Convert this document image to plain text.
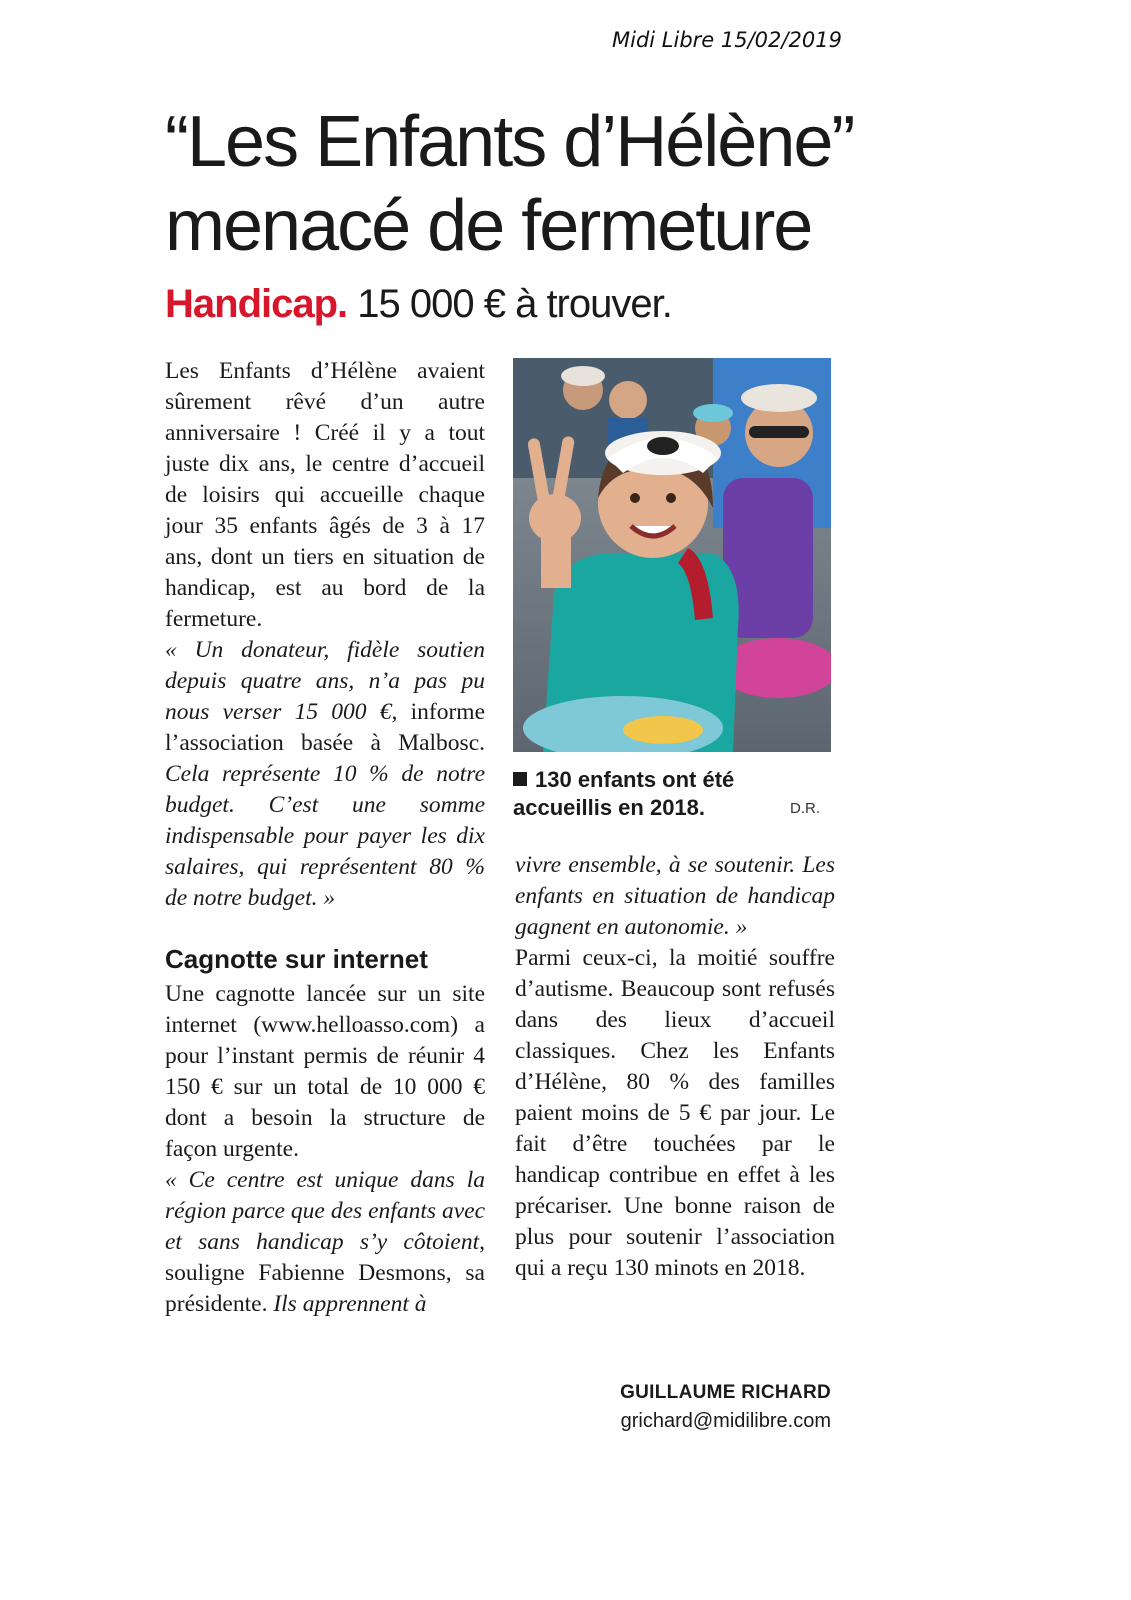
Midi Libre 15/02/2019
“Les Enfants d’Hélène”
menacé de fermeture
Handicap. 15 000 € à trouver.

Les Enfants d’Hélène avaient sûrement rêvé d’un autre anniversaire ! Créé il y a tout juste dix ans, le centre d’accueil de loisirs qui accueille chaque jour 35 enfants âgés de 3 à 17 ans, dont un tiers en situation de handicap, est au bord de la fermeture.

« Un donateur, fidèle soutien depuis quatre ans, n’a pas pu nous verser 15 000 €, informe l’association basée à Malbosc. Cela représente 10 % de notre budget. C’est une somme indispensable pour payer les dix salaires, qui représentent 80 % de notre budget. »

Cagnotte sur internet

Une cagnotte lancée sur un site internet (www.helloasso.com) a pour l’instant permis de réunir 4 150 € sur un total de 10 000 € dont a besoin la structure de façon urgente.

« Ce centre est unique dans la région parce que des enfants avec et sans handicap s’y côtoient, souligne Fabienne Desmons, sa présidente. Ils apprennent à

130 enfants ont été accueillis en 2018.	D.R.

vivre ensemble, à se soutenir. Les enfants en situation de handicap gagnent en autonomie. »

Parmi ceux-ci, la moitié souffre d’autisme. Beaucoup sont refusés dans des lieux d’accueil classiques. Chez les Enfants d’Hélène, 80 % des familles paient moins de 5 € par jour. Le fait d’être touchées par le handicap contribue en effet à les précariser. Une bonne raison de plus pour soutenir l’association qui a reçu 130 minots en 2018.

GUILLAUME RICHARD
grichard@midilibre.com
